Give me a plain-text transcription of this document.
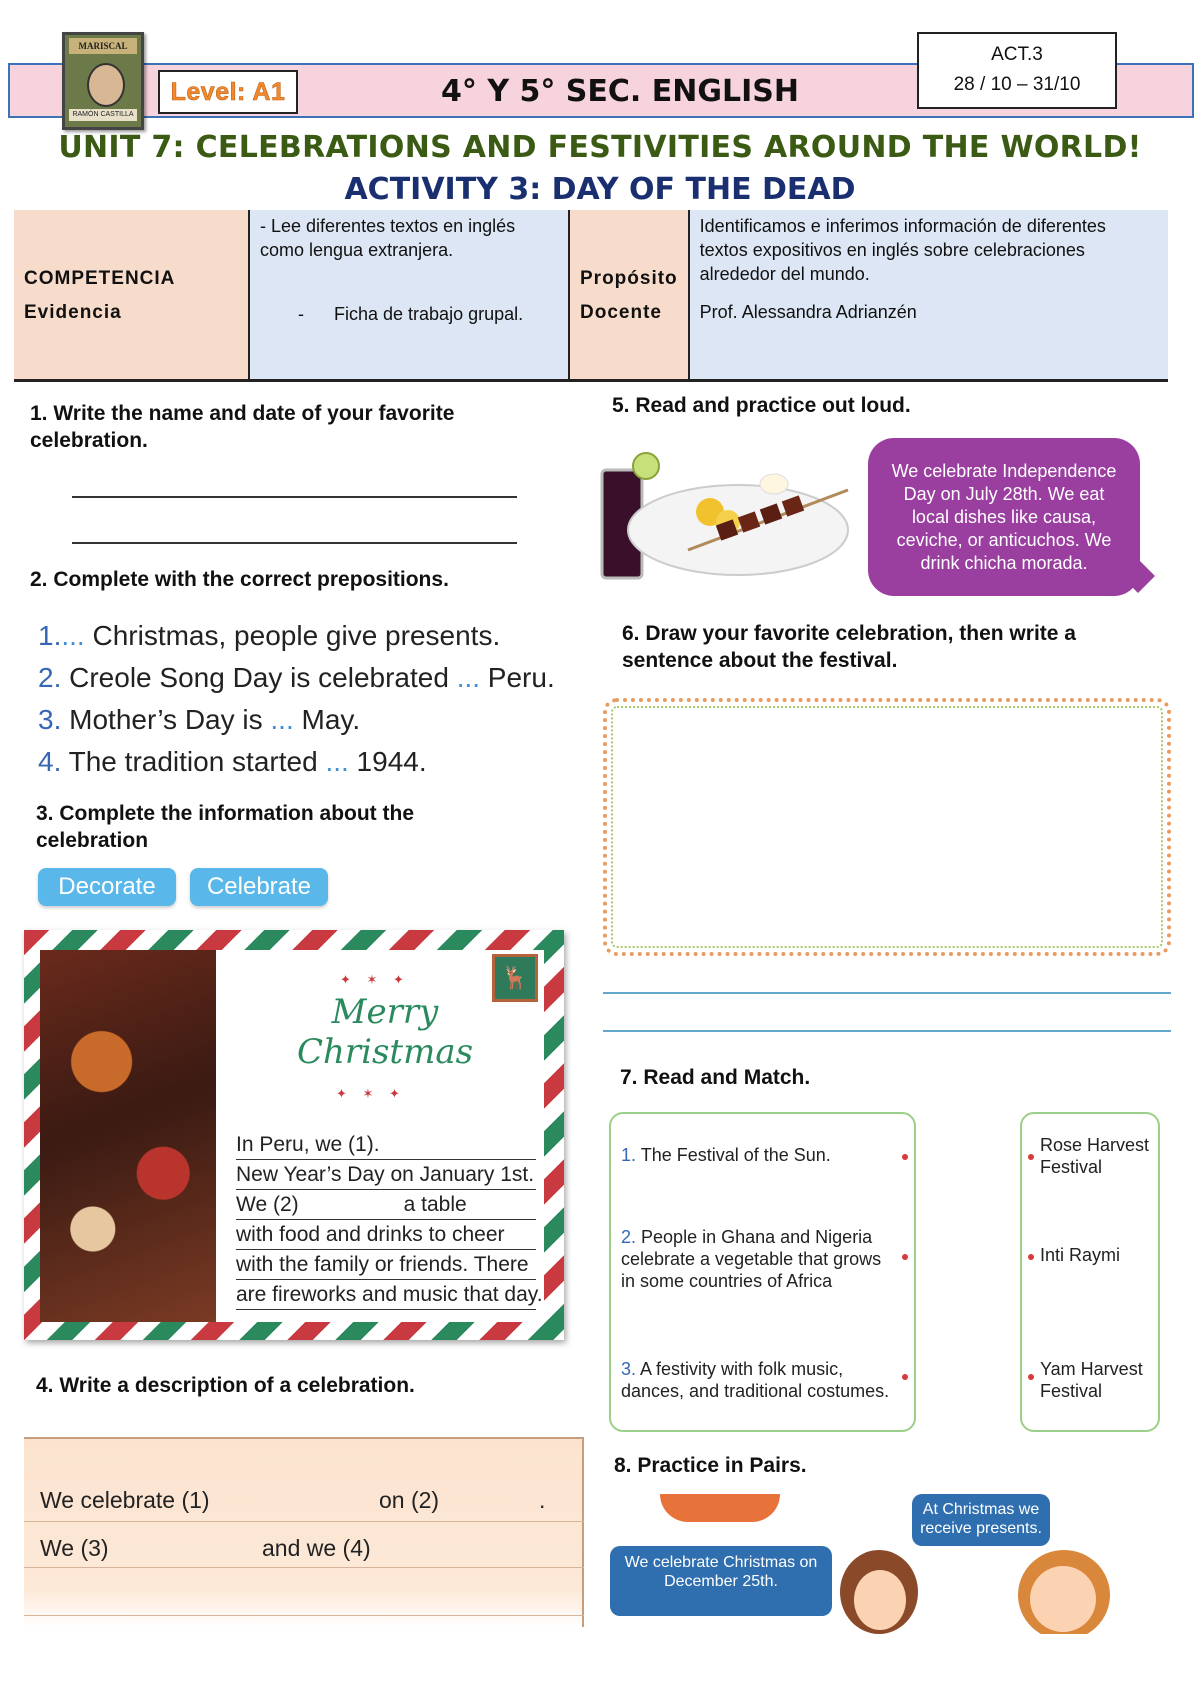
MARISCAL
RAMÓN CASTILLA
Level: A1	4° Y 5° SEC. ENGLISH
ACT.3
28 / 10 – 31/10
UNIT 7: CELEBRATIONS AND FESTIVITIES AROUND THE WORLD!
ACTIVITY 3: DAY OF THE DEAD
COMPETENCIA	- Lee diferentes textos en inglés como lengua extranjera.	Propósito	Identificamos e inferimos información de diferentes textos expositivos en inglés sobre celebraciones alrededor del mundo.
Evidencia	-      Ficha de trabajo grupal.	Docente	Prof. Alessandra Adrianzén
1. Write the name and date of your favorite celebration.
2. Complete with the correct prepositions.
1.... Christmas, people give presents.
2. Creole Song Day is celebrated ... Peru.
3. Mother’s Day is ... May.
4. The tradition started ... 1944.
3. Complete the information about the celebration
Decorate	Celebrate
🦌
✦ ✶ ✦
Merry
Christmas
✦ ✶ ✦
In Peru, we (1).
New Year’s Day on January 1st.
We (2)                  a table
with food and drinks to cheer
with the family or friends. There
are fireworks and music that day.
4. Write a description of a celebration.
We celebrate (1)	on (2)	.
We (3)	and we (4)
5. Read and practice out loud.
We celebrate Independence Day on July 28th. We eat local dishes like causa, ceviche, or anticuchos. We drink chicha morada.
6. Draw your favorite celebration, then write a sentence about the festival.
7. Read and Match.
1. The Festival of the Sun.
2. People in Ghana and Nigeria celebrate a vegetable that grows in some countries of Africa
3. A festivity with folk music, dances, and traditional costumes.
Rose Harvest Festival
Inti Raymi
Yam Harvest Festival
8. Practice in Pairs.
We celebrate Christmas on December 25th.
At Christmas we receive presents.
